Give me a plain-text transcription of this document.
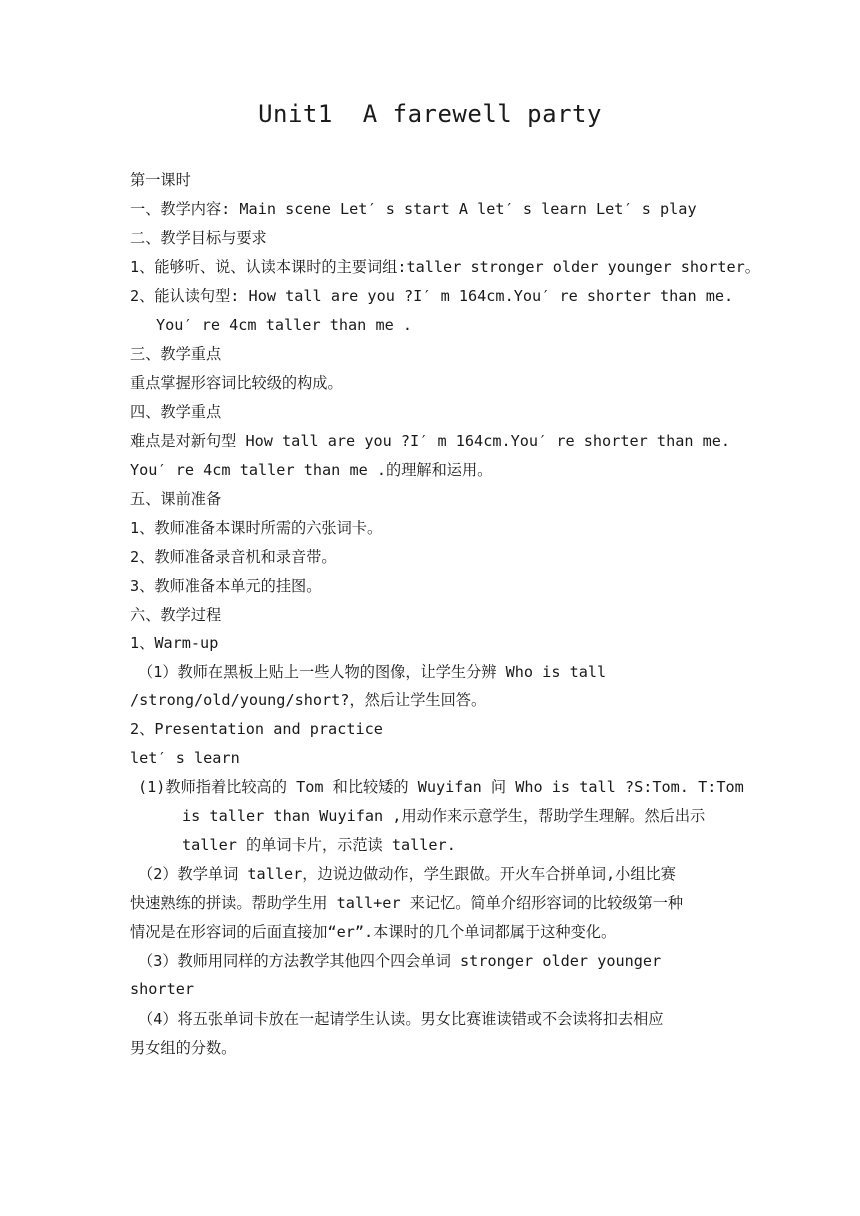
Unit1  A farewell party
第一课时
一、教学内容: Main scene Let′ s start A let′ s learn Let′ s play
二、教学目标与要求
1、能够听、说、认读本课时的主要词组:taller stronger older younger shorter。
2、能认读句型: How tall are you ?I′ m 164cm.You′ re shorter than me.
You′ re 4cm taller than me .
三、教学重点
重点掌握形容词比较级的构成。
四、教学重点
难点是对新句型 How tall are you ?I′ m 164cm.You′ re shorter than me.
You′ re 4cm taller than me .的理解和运用。
五、课前准备
1、教师准备本课时所需的六张词卡。
2、教师准备录音机和录音带。
3、教师准备本单元的挂图。
六、教学过程
1、Warm-up
（1）教师在黑板上贴上一些人物的图像，让学生分辨 Who is tall
/strong/old/young/short?，然后让学生回答。
2、Presentation and practice
let′ s learn
(1)教师指着比较高的 Tom 和比较矮的 Wuyifan 问 Who is tall ?S:Tom. T:Tom
is taller than Wuyifan ,用动作来示意学生，帮助学生理解。然后出示
taller 的单词卡片，示范读 taller.
（2）教学单词 taller，边说边做动作，学生跟做。开火车合拼单词,小组比赛
快速熟练的拼读。帮助学生用 tall+er 来记忆。简单介绍形容词的比较级第一种
情况是在形容词的后面直接加“er”.本课时的几个单词都属于这种变化。
（3）教师用同样的方法教学其他四个四会单词 stronger older younger
shorter
（4）将五张单词卡放在一起请学生认读。男女比赛谁读错或不会读将扣去相应
男女组的分数。
